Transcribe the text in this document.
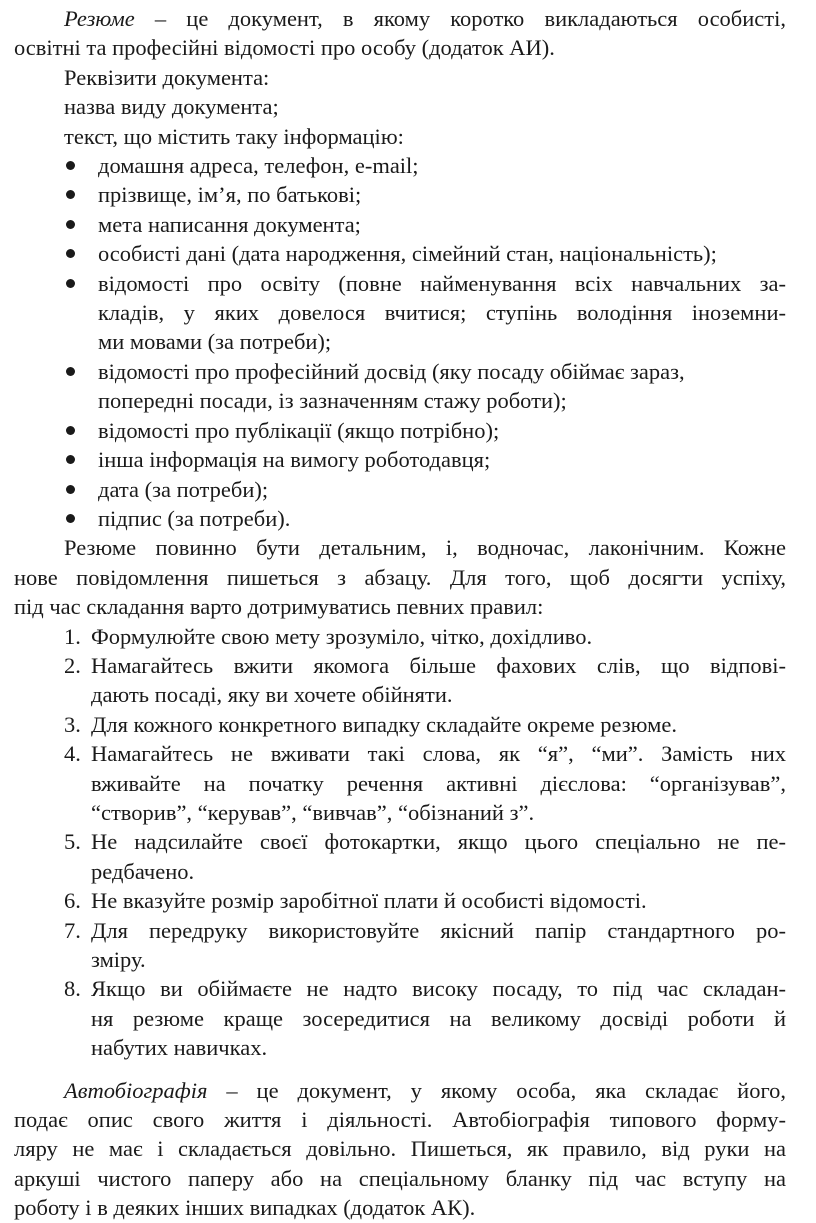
Резюме – це документ, в якому коротко викладаються особисті,
освітні та професійні відомості про особу (додаток АИ).
Реквізити документа:
назва виду документа;
текст, що містить таку інформацію:
домашня адреса, телефон, e-mail;
прізвище, ім’я, по батькові;
мета написання документа;
особисті дані (дата народження, сімейний стан, національність);
відомості про освіту (повне найменування всіх навчальних за-
кладів, у яких довелося вчитися; ступінь володіння іноземни-
ми мовами (за потреби);
відомості про професійний досвід (яку посаду обіймає зараз,
попередні посади, із зазначенням стажу роботи);
відомості про публікації (якщо потрібно);
інша інформація на вимогу роботодавця;
дата (за потреби);
підпис (за потреби).
Резюме повинно бути детальним, і, водночас, лаконічним. Кожне
нове повідомлення пишеться з абзацу. Для того, щоб досягти успіху,
під час складання варто дотримуватись певних правил:
1. Формулюйте свою мету зрозуміло, чітко, дохідливо.
2. Намагайтесь вжити якомога більше фахових слів, що відпові-
дають посаді, яку ви хочете обійняти.
3. Для кожного конкретного випадку складайте окреме резюме.
4. Намагайтесь не вживати такі слова, як “я”, “ми”. Замість них
вживайте на початку речення активні дієслова: “організував”,
“створив”, “керував”, “вивчав”, “обізнаний з”.
5. Не надсилайте своєї фотокартки, якщо цього спеціально не пе-
редбачено.
6. Не вказуйте розмір заробітної плати й особисті відомості.
7. Для передруку використовуйте якісний папір стандартного ро-
зміру.
8. Якщо ви обіймаєте не надто високу посаду, то під час складан-
ня резюме краще зосередитися на великому досвіді роботи й
набутих навичках.
Автобіографія – це документ, у якому особа, яка складає його,
подає опис свого життя і діяльності. Автобіографія типового форму-
ляру не має і складається довільно. Пишеться, як правило, від руки на
аркуші чистого паперу або на спеціальному бланку під час вступу на
роботу і в деяких інших випадках (додаток АК).
